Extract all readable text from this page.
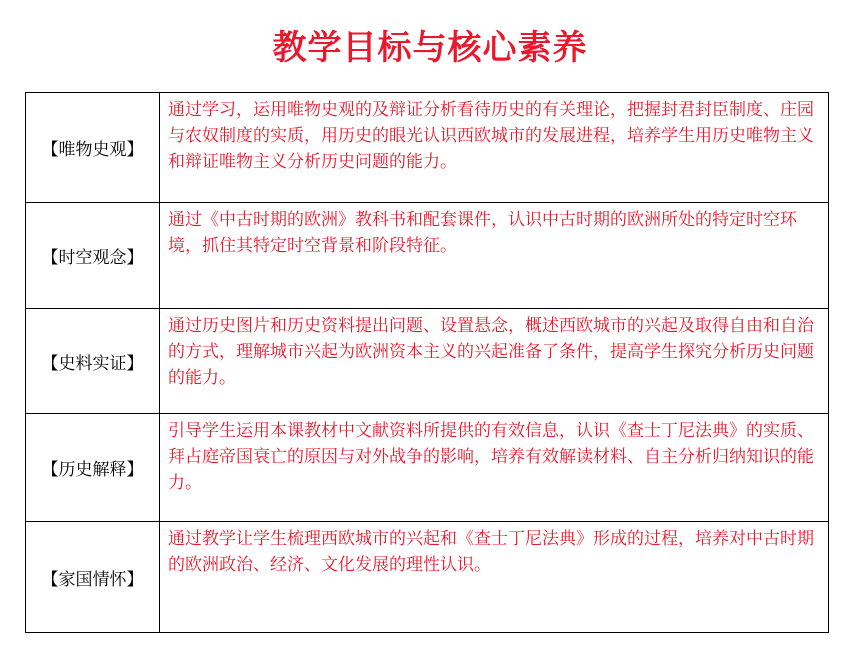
教学目标与核心素养
【唯物史观】	通过学习，运用唯物史观的及辩证分析看待历史的有关理论，把握封君封臣制度、庄园与农奴制度的实质，用历史的眼光认识西欧城市的发展进程，培养学生用历史唯物主义和辩证唯物主义分析历史问题的能力。
【时空观念】	通过《中古时期的欧洲》教科书和配套课件，认识中古时期的欧洲所处的特定时空环境，抓住其特定时空背景和阶段特征。
【史料实证】	通过历史图片和历史资料提出问题、设置悬念，概述西欧城市的兴起及取得自由和自治的方式，理解城市兴起为欧洲资本主义的兴起准备了条件，提高学生探究分析历史问题的能力。
【历史解释】	引导学生运用本课教材中文献资料所提供的有效信息，认识《查士丁尼法典》的实质、拜占庭帝国衰亡的原因与对外战争的影响，培养有效解读材料、自主分析归纳知识的能力。
【家国情怀】	通过教学让学生梳理西欧城市的兴起和《查士丁尼法典》形成的过程，培养对中古时期的欧洲政治、经济、文化发展的理性认识。
